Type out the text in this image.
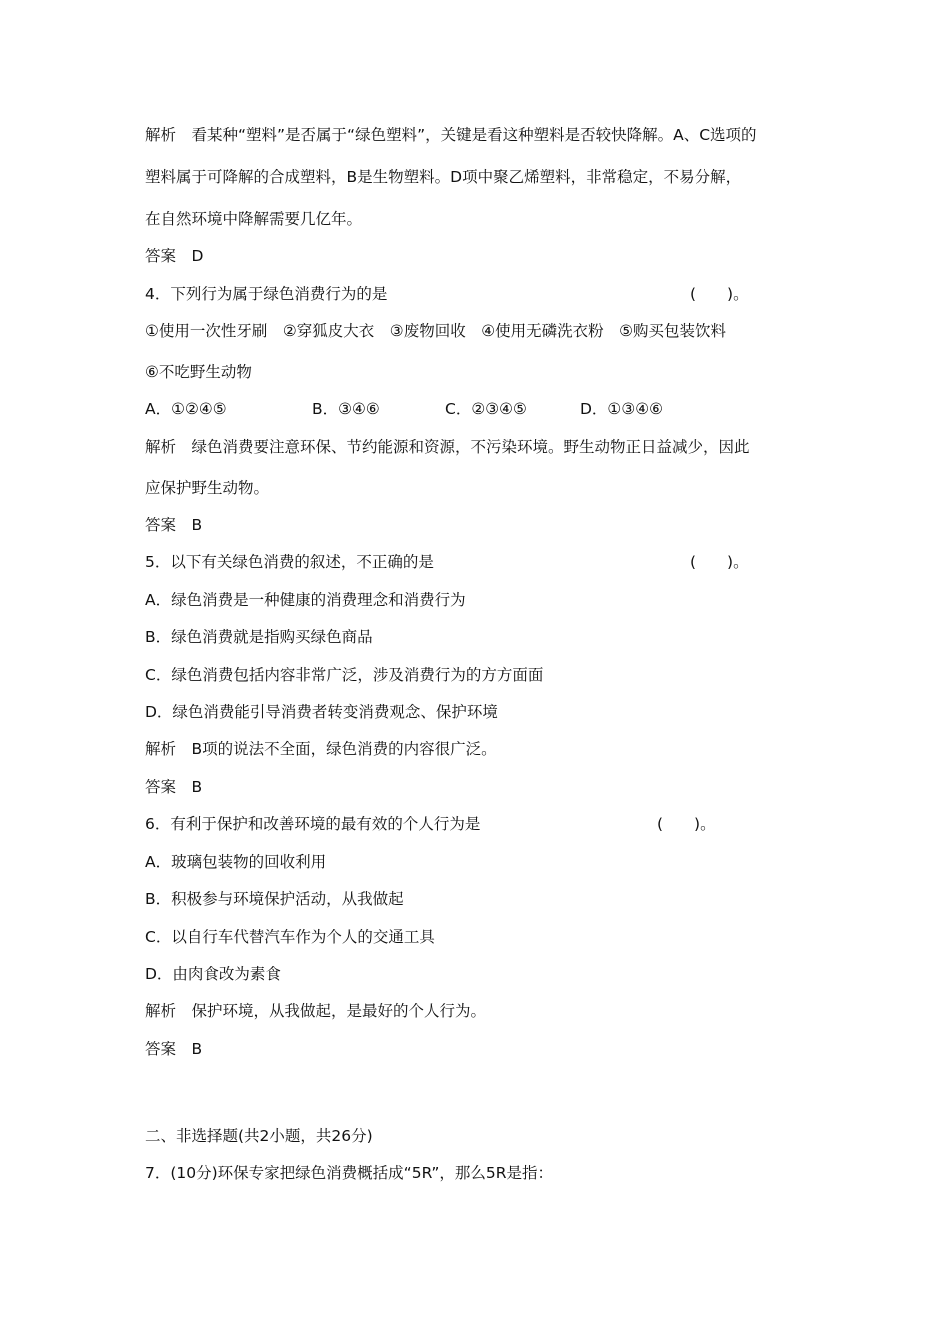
解析　看某种“塑料”是否属于“绿色塑料”，关键是看这种塑料是否较快降解。A、C选项的
塑料属于可降解的合成塑料，B是生物塑料。D项中聚乙烯塑料，非常稳定，不易分解，
在自然环境中降解需要几亿年。
答案　D
4．下列行为属于绿色消费行为的是	(　　)。
①使用一次性牙刷　②穿狐皮大衣　③废物回收　④使用无磷洗衣粉　⑤购买包装饮料
⑥不吃野生动物
A．①②④⑤	B．③④⑥	C．②③④⑤	D．①③④⑥
解析　绿色消费要注意环保、节约能源和资源，不污染环境。野生动物正日益减少，因此
应保护野生动物。
答案　B
5．以下有关绿色消费的叙述，不正确的是	(　　)。
A．绿色消费是一种健康的消费理念和消费行为
B．绿色消费就是指购买绿色商品
C．绿色消费包括内容非常广泛，涉及消费行为的方方面面
D．绿色消费能引导消费者转变消费观念、保护环境
解析　B项的说法不全面，绿色消费的内容很广泛。
答案　B
6．有利于保护和改善环境的最有效的个人行为是	(　　)。
A．玻璃包装物的回收利用
B．积极参与环境保护活动，从我做起
C．以自行车代替汽车作为个人的交通工具
D．由肉食改为素食
解析　保护环境，从我做起，是最好的个人行为。
答案　B
二、非选择题(共2小题，共26分)
7．(10分)环保专家把绿色消费概括成“5R”，那么5R是指：
